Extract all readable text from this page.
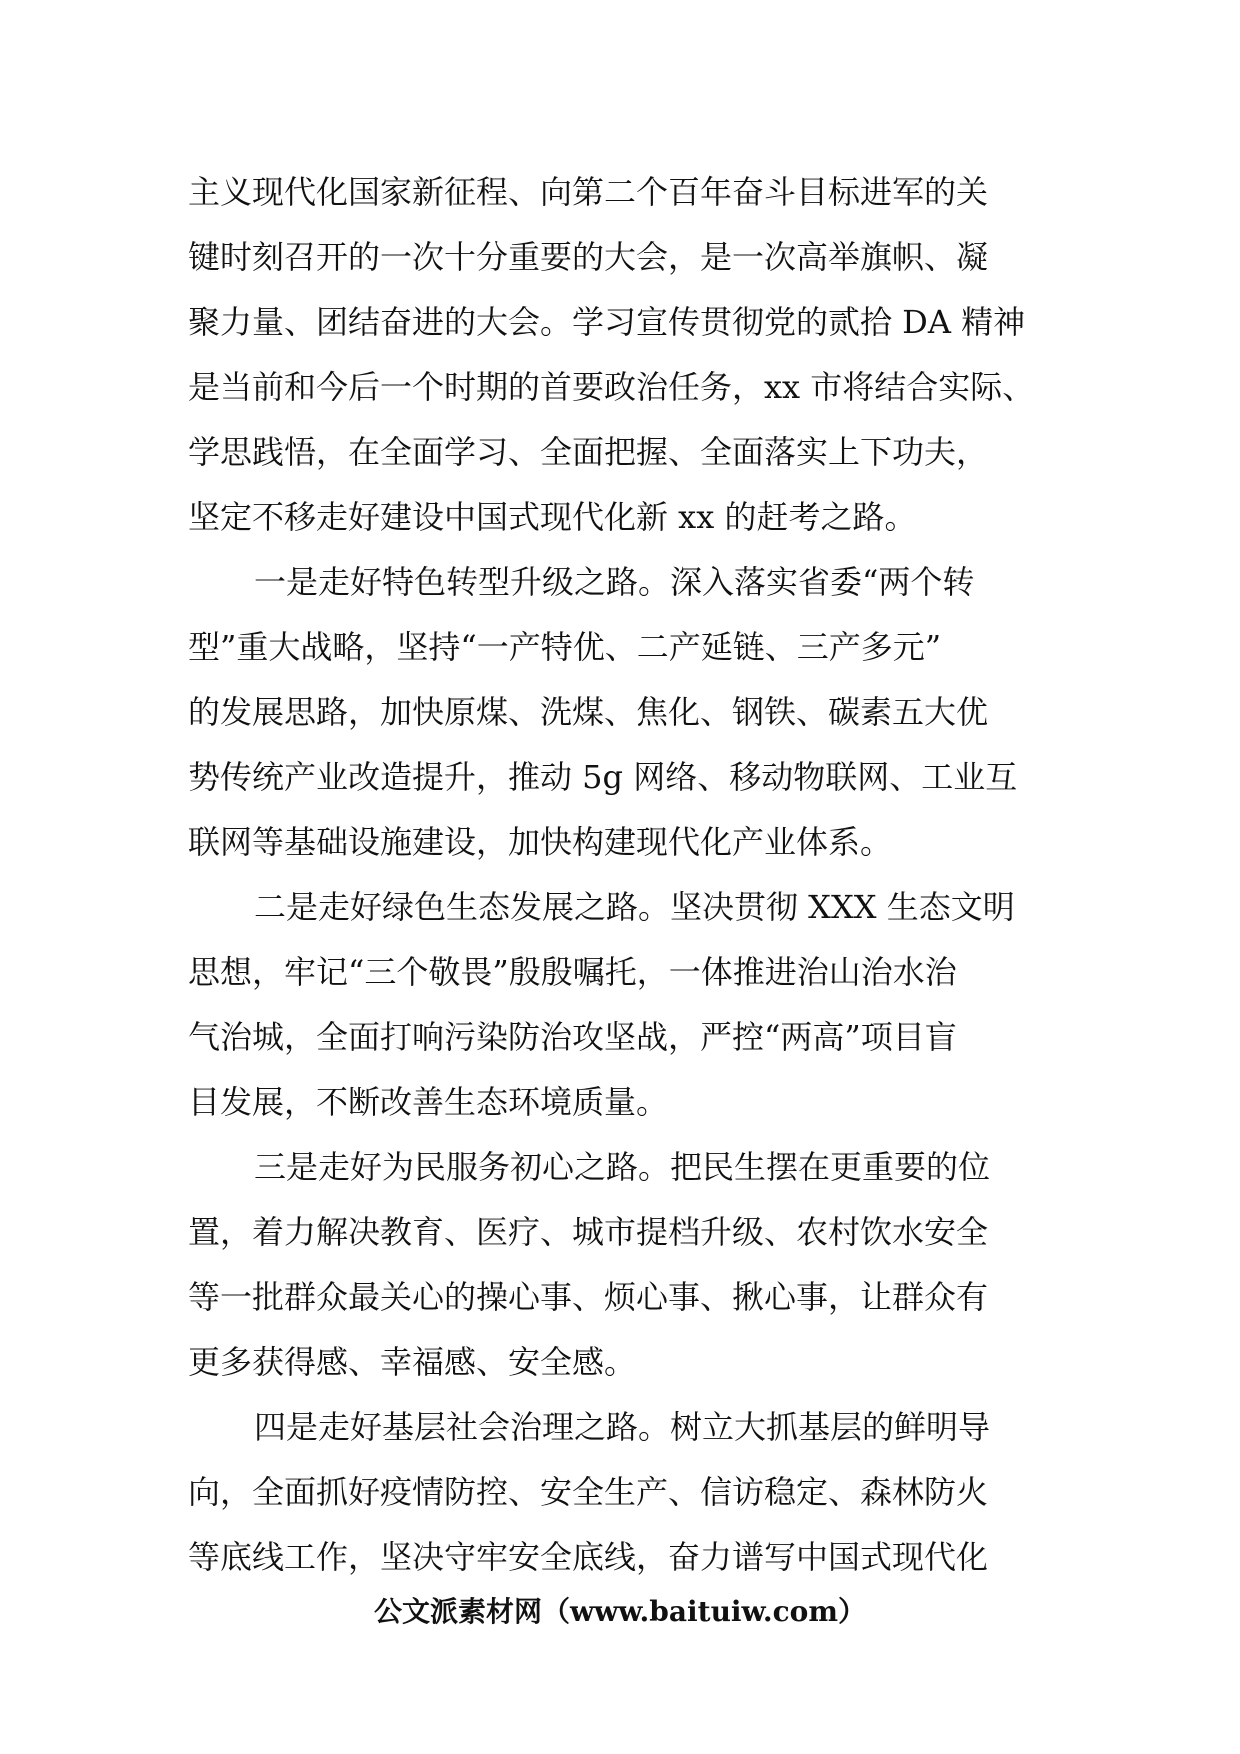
主义现代化国家新征程、向第二个百年奋斗目标进军的关
键时刻召开的一次十分重要的大会，是一次高举旗帜、凝
聚力量、团结奋进的大会。学习宣传贯彻党的贰拾 DA 精神
是当前和今后一个时期的首要政治任务，xx 市将结合实际、
学思践悟，在全面学习、全面把握、全面落实上下功夫，
坚定不移走好建设中国式现代化新 xx 的赶考之路。
一是走好特色转型升级之路。深入落实省委“两个转
型”重大战略，坚持“一产特优、二产延链、三产多元”
的发展思路，加快原煤、洗煤、焦化、钢铁、碳素五大优
势传统产业改造提升，推动 5g 网络、移动物联网、工业互
联网等基础设施建设，加快构建现代化产业体系。
二是走好绿色生态发展之路。坚决贯彻 XXX 生态文明
思想，牢记“三个敬畏”殷殷嘱托，一体推进治山治水治
气治城，全面打响污染防治攻坚战，严控“两高”项目盲
目发展，不断改善生态环境质量。
三是走好为民服务初心之路。把民生摆在更重要的位
置，着力解决教育、医疗、城市提档升级、农村饮水安全
等一批群众最关心的操心事、烦心事、揪心事，让群众有
更多获得感、幸福感、安全感。
四是走好基层社会治理之路。树立大抓基层的鲜明导
向，全面抓好疫情防控、安全生产、信访稳定、森林防火
等底线工作，坚决守牢安全底线，奋力谱写中国式现代化
公文派素材网（www.baituiw.com）
